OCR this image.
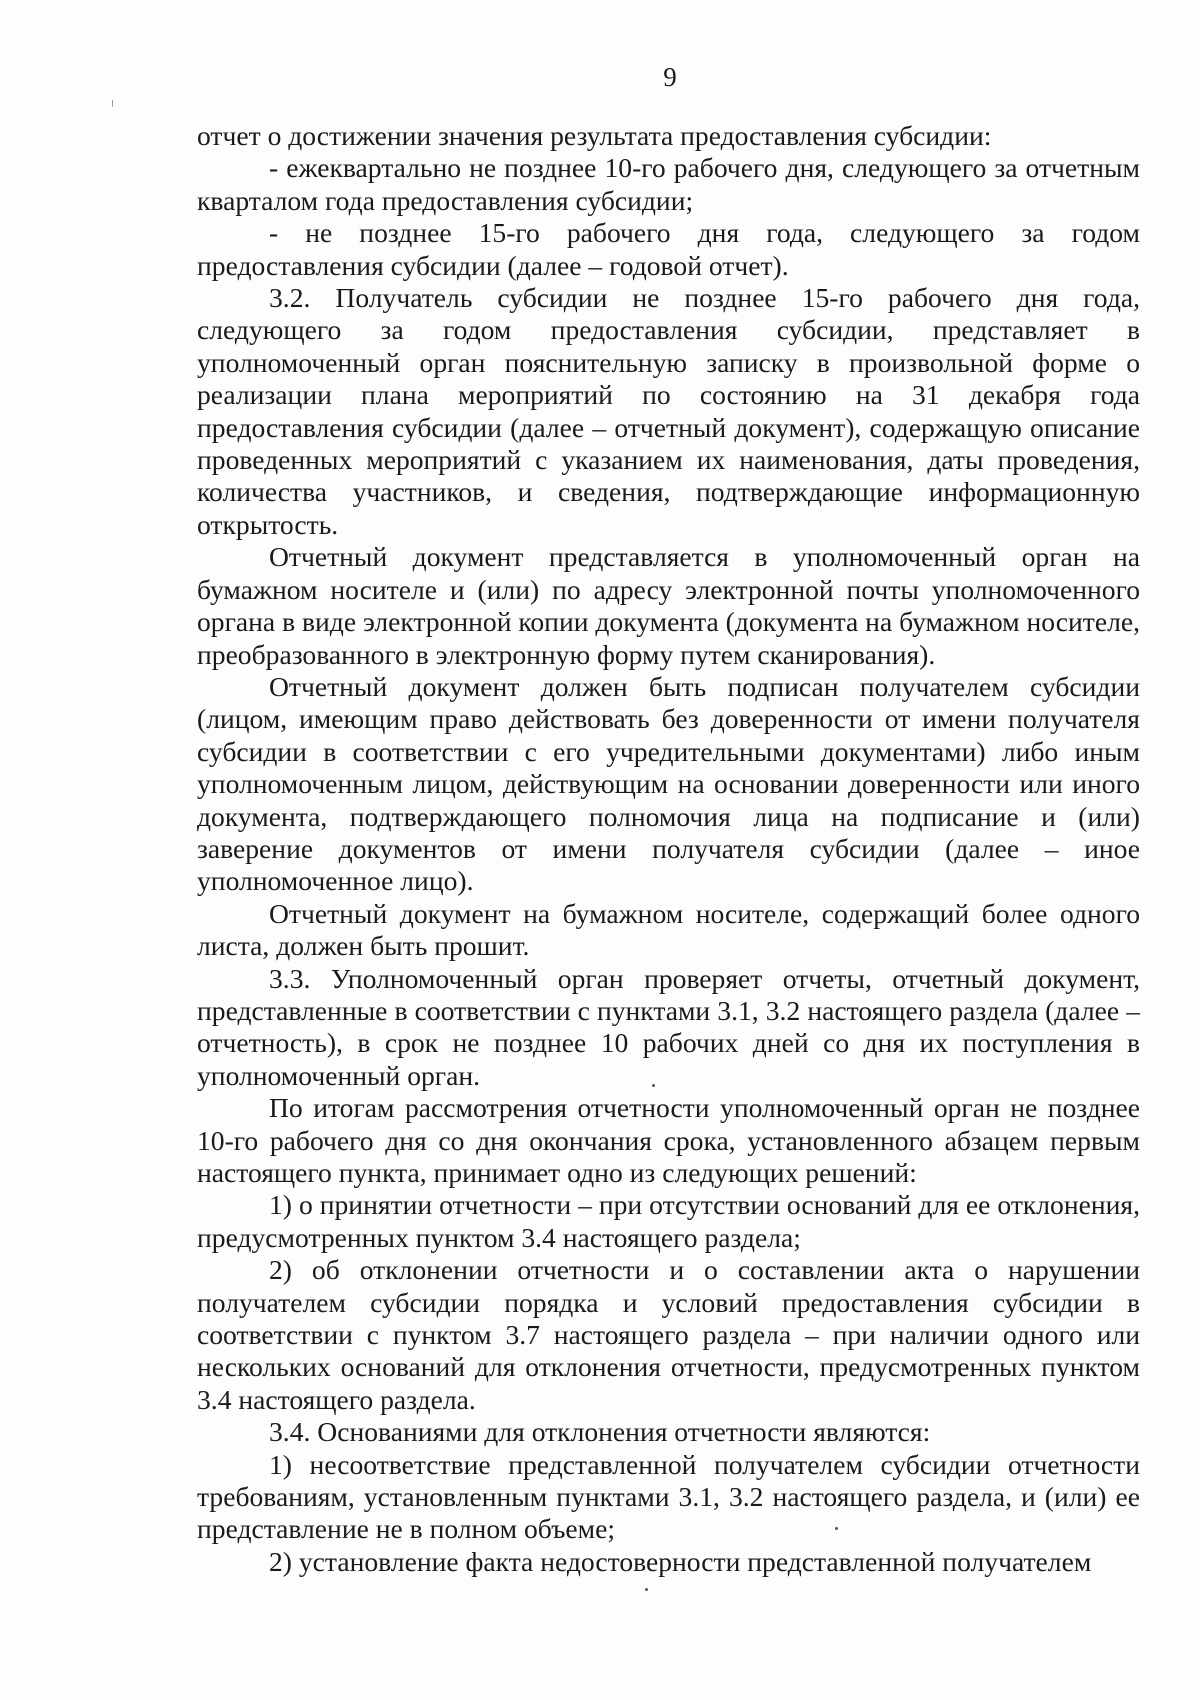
9

отчет о достижении значения результата предоставления субсидии:

- ежеквартально не позднее 10-го рабочего дня, следующего за отчетным кварталом года предоставления субсидии;

- не позднее 15-го рабочего дня года, следующего за годом предоставления субсидии (далее – годовой отчет).

3.2. Получатель субсидии не позднее 15-го рабочего дня года, следующего за годом предоставления субсидии, представляет в уполномоченный орган пояснительную записку в произвольной форме о реализации плана мероприятий по состоянию на 31 декабря года предоставления субсидии (далее – отчетный документ), содержащую описание проведенных мероприятий с указанием их наименования, даты проведения, количества участников, и сведения, подтверждающие информационную открытость.

Отчетный документ представляется в уполномоченный орган на бумажном носителе и (или) по адресу электронной почты уполномоченного органа в виде электронной копии документа (документа на бумажном носителе, преобразованного в электронную форму путем сканирования).

Отчетный документ должен быть подписан получателем субсидии (лицом, имеющим право действовать без доверенности от имени получателя субсидии в соответствии с его учредительными документами) либо иным уполномоченным лицом, действующим на основании доверенности или иного документа, подтверждающего полномочия лица на подписание и (или) заверение документов от имени получателя субсидии (далее – иное уполномоченное лицо).

Отчетный документ на бумажном носителе, содержащий более одного листа, должен быть прошит.

3.3. Уполномоченный орган проверяет отчеты, отчетный документ, представленные в соответствии с пунктами 3.1, 3.2 настоящего раздела (далее – отчетность), в срок не позднее 10 рабочих дней со дня их поступления в уполномоченный орган.

По итогам рассмотрения отчетности уполномоченный орган не позднее 10-го рабочего дня со дня окончания срока, установленного абзацем первым настоящего пункта, принимает одно из следующих решений:

1) о принятии отчетности – при отсутствии оснований для ее отклонения, предусмотренных пунктом 3.4 настоящего раздела;

2) об отклонении отчетности и о составлении акта о нарушении получателем субсидии порядка и условий предоставления субсидии в соответствии с пунктом 3.7 настоящего раздела – при наличии одного или нескольких оснований для отклонения отчетности, предусмотренных пунктом 3.4 настоящего раздела.

3.4. Основаниями для отклонения отчетности являются:

1) несоответствие представленной получателем субсидии отчетности требованиям, установленным пунктами 3.1, 3.2 настоящего раздела, и (или) ее представление не в полном объеме;

2) установление факта недостоверности представленной получателем
